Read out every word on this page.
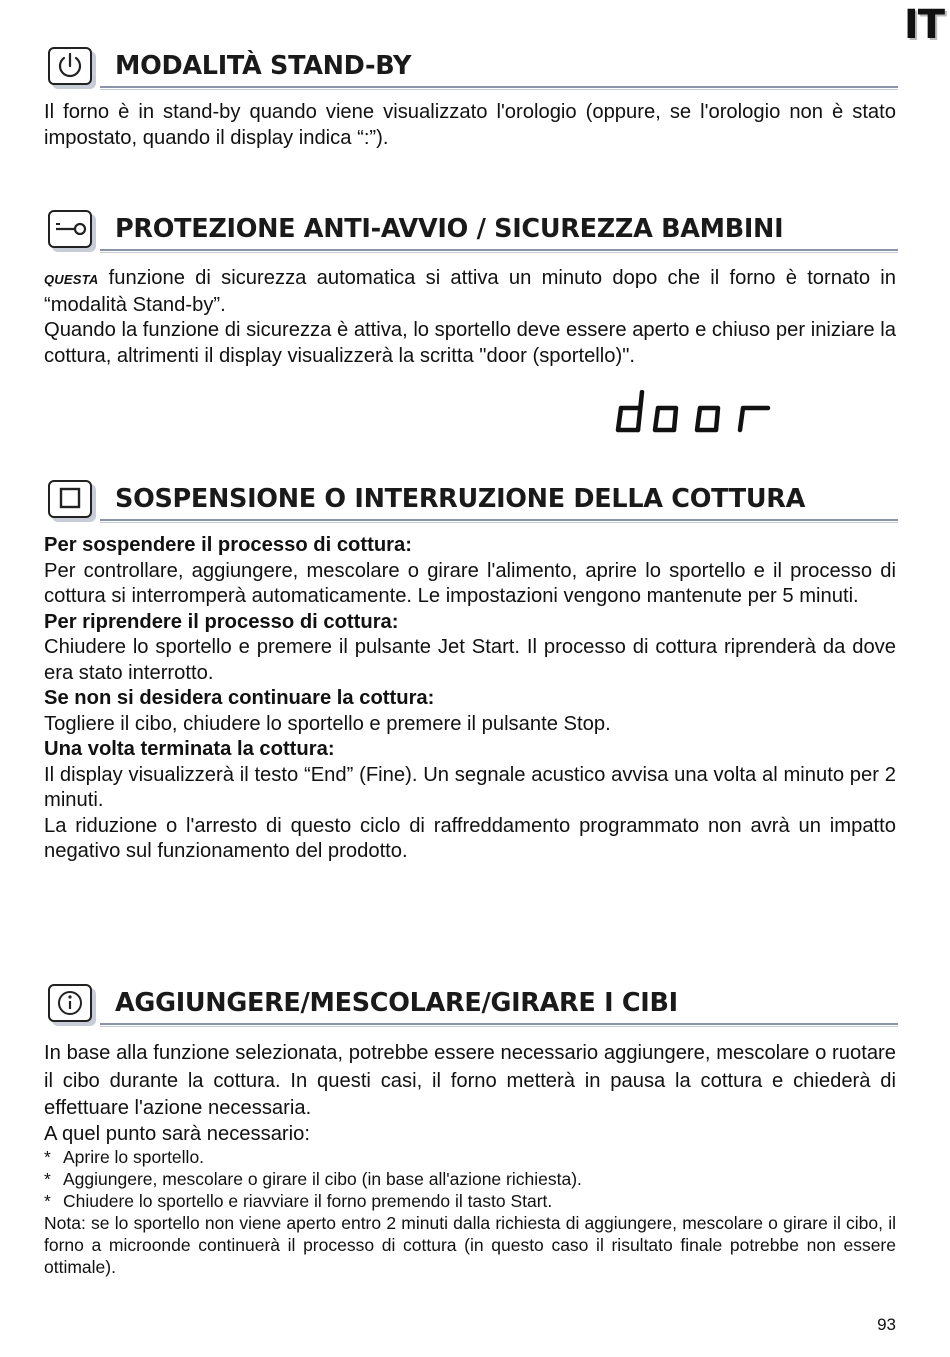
IT
MODALITÀ STAND-BY
Il forno è in stand-by quando viene visualizzato l'orologio (oppure, se l'orologio non è stato impostato, quando il display indica “:”).
PROTEZIONE ANTI-AVVIO / SICUREZZA BAMBINI

QUESTA funzione di sicurezza automatica si attiva un minuto dopo che il forno è tornato in “modalità Stand-by”.

Quando la funzione di sicurezza è attiva, lo sportello deve essere aperto e chiuso per iniziare la cottura, altrimenti il display visualizzerà la scritta "door (sportello)".

door
SOSPENSIONE O INTERRUZIONE DELLA COTTURA

Per sospendere il processo di cottura:

Per controllare, aggiungere, mescolare o girare l'alimento, aprire lo sportello e il processo di cottura si interromperà automaticamente. Le impostazioni vengono mantenute per 5 minuti.

Per riprendere il processo di cottura:

Chiudere lo sportello e premere il pulsante Jet Start. Il processo di cottura riprenderà da dove era stato interrotto.

Se non si desidera continuare la cottura:

Togliere il cibo, chiudere lo sportello e premere il pulsante Stop.

Una volta terminata la cottura:

Il display visualizzerà il testo “End” (Fine). Un segnale acustico avvisa una volta al minuto per 2 minuti.

La riduzione o l'arresto di questo ciclo di raffreddamento programmato non avrà un impatto negativo sul funzionamento del prodotto.

AGGIUNGERE/MESCOLARE/GIRARE I CIBI
In base alla funzione selezionata, potrebbe essere necessario aggiungere, mescolare o ruotare il cibo durante la cottura. In questi casi, il forno metterà in pausa la cottura e chiederà di effettuare l'azione necessaria.
A quel punto sarà necessario:
* Aprire lo sportello.
* Aggiungere, mescolare o girare il cibo (in base all'azione richiesta).
* Chiudere lo sportello e riavviare il forno premendo il tasto Start.
Nota: se lo sportello non viene aperto entro 2 minuti dalla richiesta di aggiungere, mescolare o girare il cibo, il forno a microonde continuerà il processo di cottura (in questo caso il risultato finale potrebbe non essere ottimale).
93
